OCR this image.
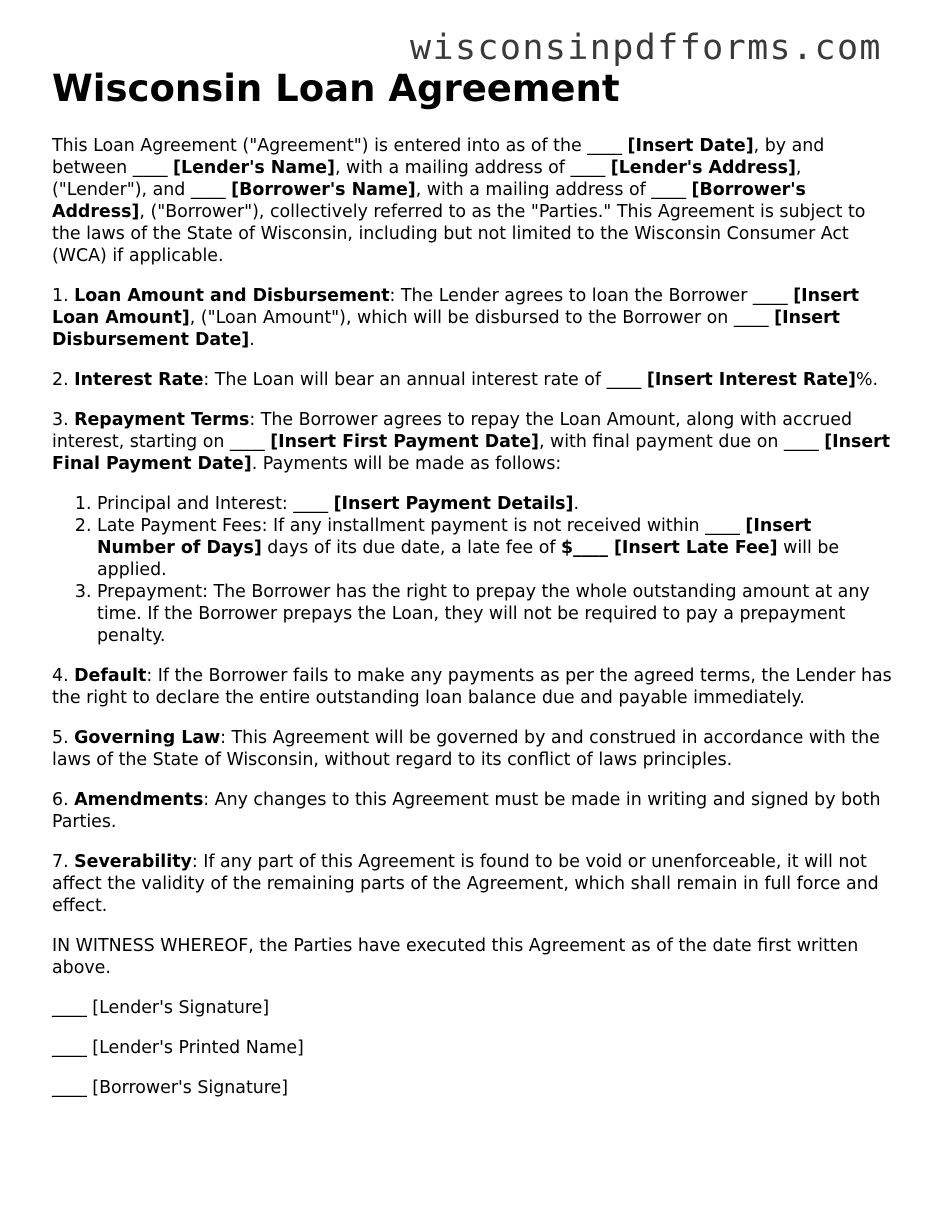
wisconsinpdfforms.com
Wisconsin Loan Agreement

This Loan Agreement ("Agreement") is entered into as of the ____ [Insert Date], by and between ____ [Lender's Name], with a mailing address of ____ [Lender's Address], ("Lender"), and ____ [Borrower's Name], with a mailing address of ____ [Borrower's Address], ("Borrower"), collectively referred to as the "Parties." This Agreement is subject to the laws of the State of Wisconsin, including but not limited to the Wisconsin Consumer Act (WCA) if applicable.

1. Loan Amount and Disbursement: The Lender agrees to loan the Borrower ____ [Insert Loan Amount], ("Loan Amount"), which will be disbursed to the Borrower on ____ [Insert Disbursement Date].

2. Interest Rate: The Loan will bear an annual interest rate of ____ [Insert Interest Rate]%.

3. Repayment Terms: The Borrower agrees to repay the Loan Amount, along with accrued interest, starting on ____ [Insert First Payment Date], with final payment due on ____ [Insert Final Payment Date]. Payments will be made as follows:

1. Principal and Interest: ____ [Insert Payment Details].
2. Late Payment Fees: If any installment payment is not received within ____ [Insert Number of Days] days of its due date, a late fee of $____ [Insert Late Fee] will be applied.
3. Prepayment: The Borrower has the right to prepay the whole outstanding amount at any time. If the Borrower prepays the Loan, they will not be required to pay a prepayment penalty.

4. Default: If the Borrower fails to make any payments as per the agreed terms, the Lender has the right to declare the entire outstanding loan balance due and payable immediately.

5. Governing Law: This Agreement will be governed by and construed in accordance with the laws of the State of Wisconsin, without regard to its conflict of laws principles.

6. Amendments: Any changes to this Agreement must be made in writing and signed by both Parties.

7. Severability: If any part of this Agreement is found to be void or unenforceable, it will not affect the validity of the remaining parts of the Agreement, which shall remain in full force and effect.

IN WITNESS WHEREOF, the Parties have executed this Agreement as of the date first written above.

____ [Lender's Signature]
____ [Lender's Printed Name]
____ [Borrower's Signature]
